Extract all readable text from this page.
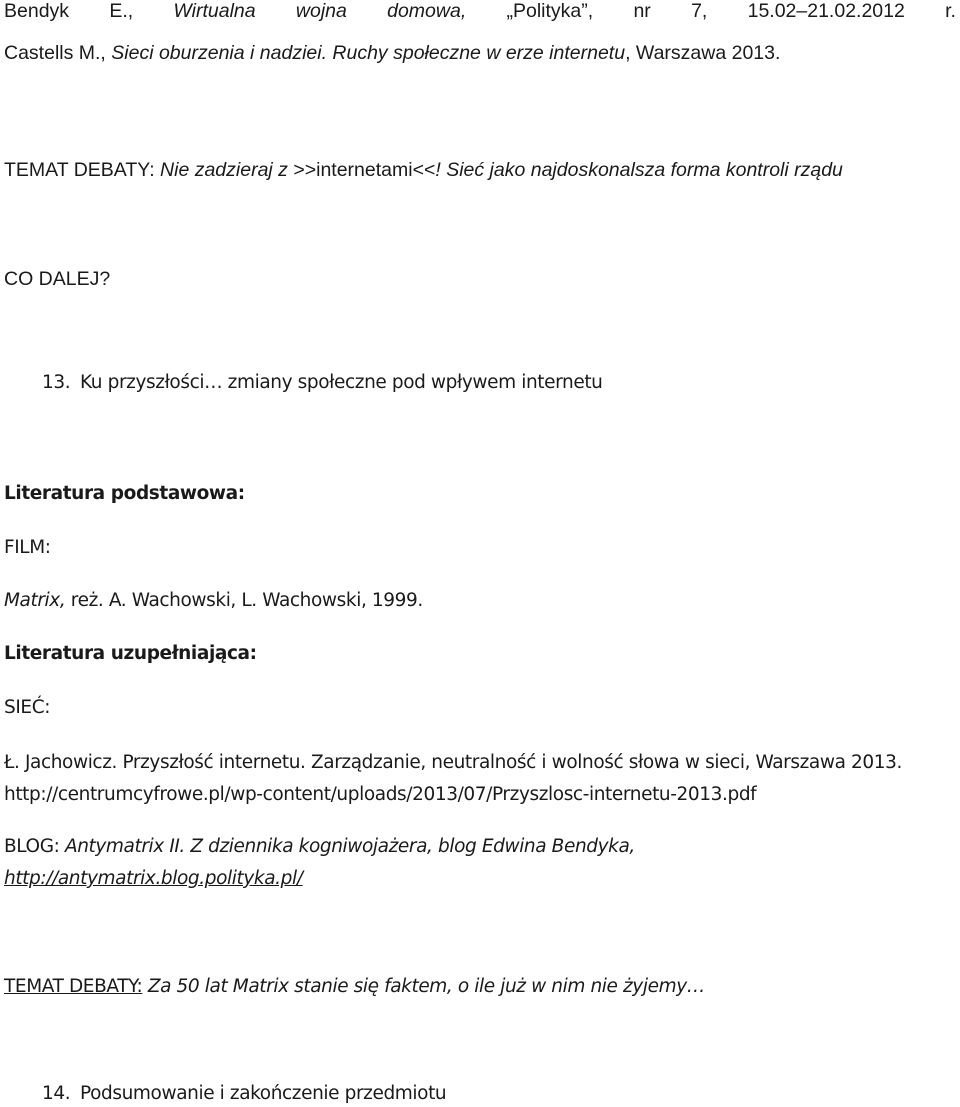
Bendyk E., Wirtualna wojna domowa, „Polityka”, nr 7, 15.02–21.02.2012 r.
Castells M., Sieci oburzenia i nadziei. Ruchy społeczne w erze internetu, Warszawa 2013.
TEMAT DEBATY: Nie zadzieraj z >>internetami<<! Sieć jako najdoskonalsza forma kontroli rządu
CO DALEJ?
13. Ku przyszłości… zmiany społeczne pod wpływem internetu
Literatura podstawowa:
FILM:
Matrix, reż. A. Wachowski, L. Wachowski, 1999.
Literatura uzupełniająca:
SIEĆ:
Ł. Jachowicz. Przyszłość internetu. Zarządzanie, neutralność i wolność słowa w sieci, Warszawa 2013.
http://centrumcyfrowe.pl/wp-content/uploads/2013/07/Przyszlosc-internetu-2013.pdf
BLOG: Antymatrix II. Z dziennika kogniwojażera, blog Edwina Bendyka,
http://antymatrix.blog.polityka.pl/
TEMAT DEBATY: Za 50 lat Matrix stanie się faktem, o ile już w nim nie żyjemy…
14. Podsumowanie i zakończenie przedmiotu
